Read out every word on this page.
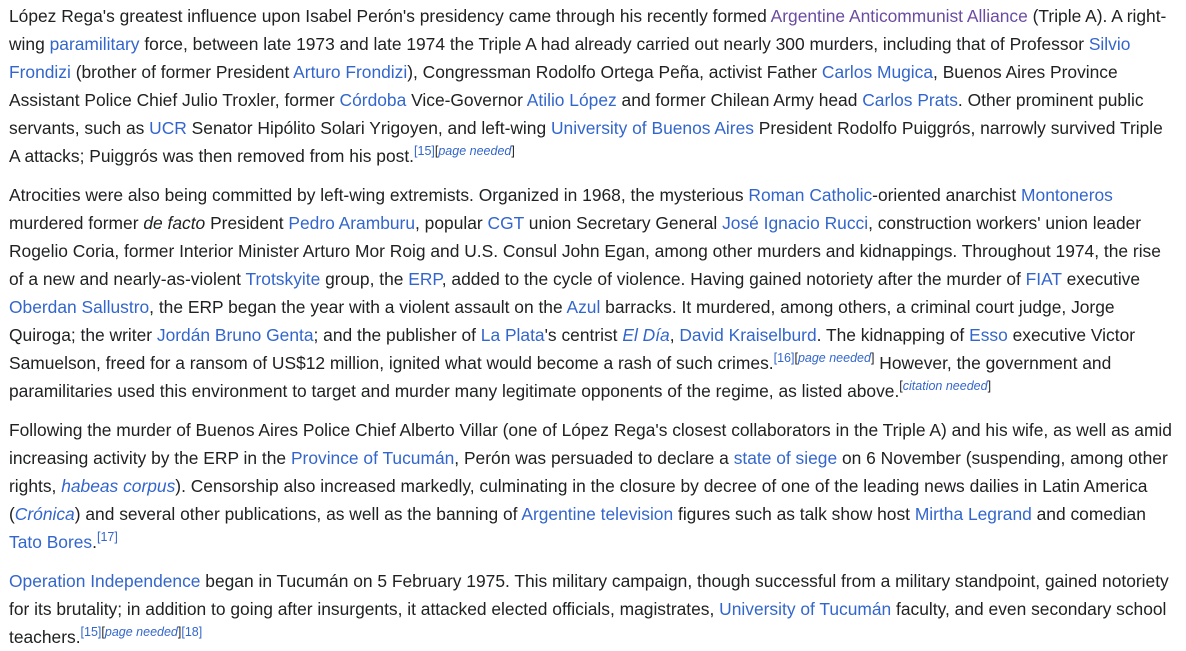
López Rega's greatest influence upon Isabel Perón's presidency came through his recently formed Argentine Anticommunist Alliance (Triple A). A right-wing paramilitary force, between late 1973 and late 1974 the Triple A had already carried out nearly 300 murders, including that of Professor Silvio Frondizi (brother of former President Arturo Frondizi), Congressman Rodolfo Ortega Peña, activist Father Carlos Mugica, Buenos Aires Province Assistant Police Chief Julio Troxler, former Córdoba Vice-Governor Atilio López and former Chilean Army head Carlos Prats. Other prominent public servants, such as UCR Senator Hipólito Solari Yrigoyen, and left-wing University of Buenos Aires President Rodolfo Puiggrós, narrowly survived Triple A attacks; Puiggrós was then removed from his post.[15][page needed]

Atrocities were also being committed by left-wing extremists. Organized in 1968, the mysterious Roman Catholic-oriented anarchist Montoneros murdered former de facto President Pedro Aramburu, popular CGT union Secretary General José Ignacio Rucci, construction workers' union leader Rogelio Coria, former Interior Minister Arturo Mor Roig and U.S. Consul John Egan, among other murders and kidnappings. Throughout 1974, the rise of a new and nearly-as-violent Trotskyite group, the ERP, added to the cycle of violence. Having gained notoriety after the murder of FIAT executive Oberdan Sallustro, the ERP began the year with a violent assault on the Azul barracks. It murdered, among others, a criminal court judge, Jorge Quiroga; the writer Jordán Bruno Genta; and the publisher of La Plata's centrist El Día, David Kraiselburd. The kidnapping of Esso executive Victor Samuelson, freed for a ransom of US$12 million, ignited what would become a rash of such crimes.[16][page needed] However, the government and paramilitaries used this environment to target and murder many legitimate opponents of the regime, as listed above.[citation needed]

Following the murder of Buenos Aires Police Chief Alberto Villar (one of López Rega's closest collaborators in the Triple A) and his wife, as well as amid increasing activity by the ERP in the Province of Tucumán, Perón was persuaded to declare a state of siege on 6 November (suspending, among other rights, habeas corpus). Censorship also increased markedly, culminating in the closure by decree of one of the leading news dailies in Latin America (Crónica) and several other publications, as well as the banning of Argentine television figures such as talk show host Mirtha Legrand and comedian Tato Bores.[17]

Operation Independence began in Tucumán on 5 February 1975. This military campaign, though successful from a military standpoint, gained notoriety for its brutality; in addition to going after insurgents, it attacked elected officials, magistrates, University of Tucumán faculty, and even secondary school teachers.[15][page needed][18]
